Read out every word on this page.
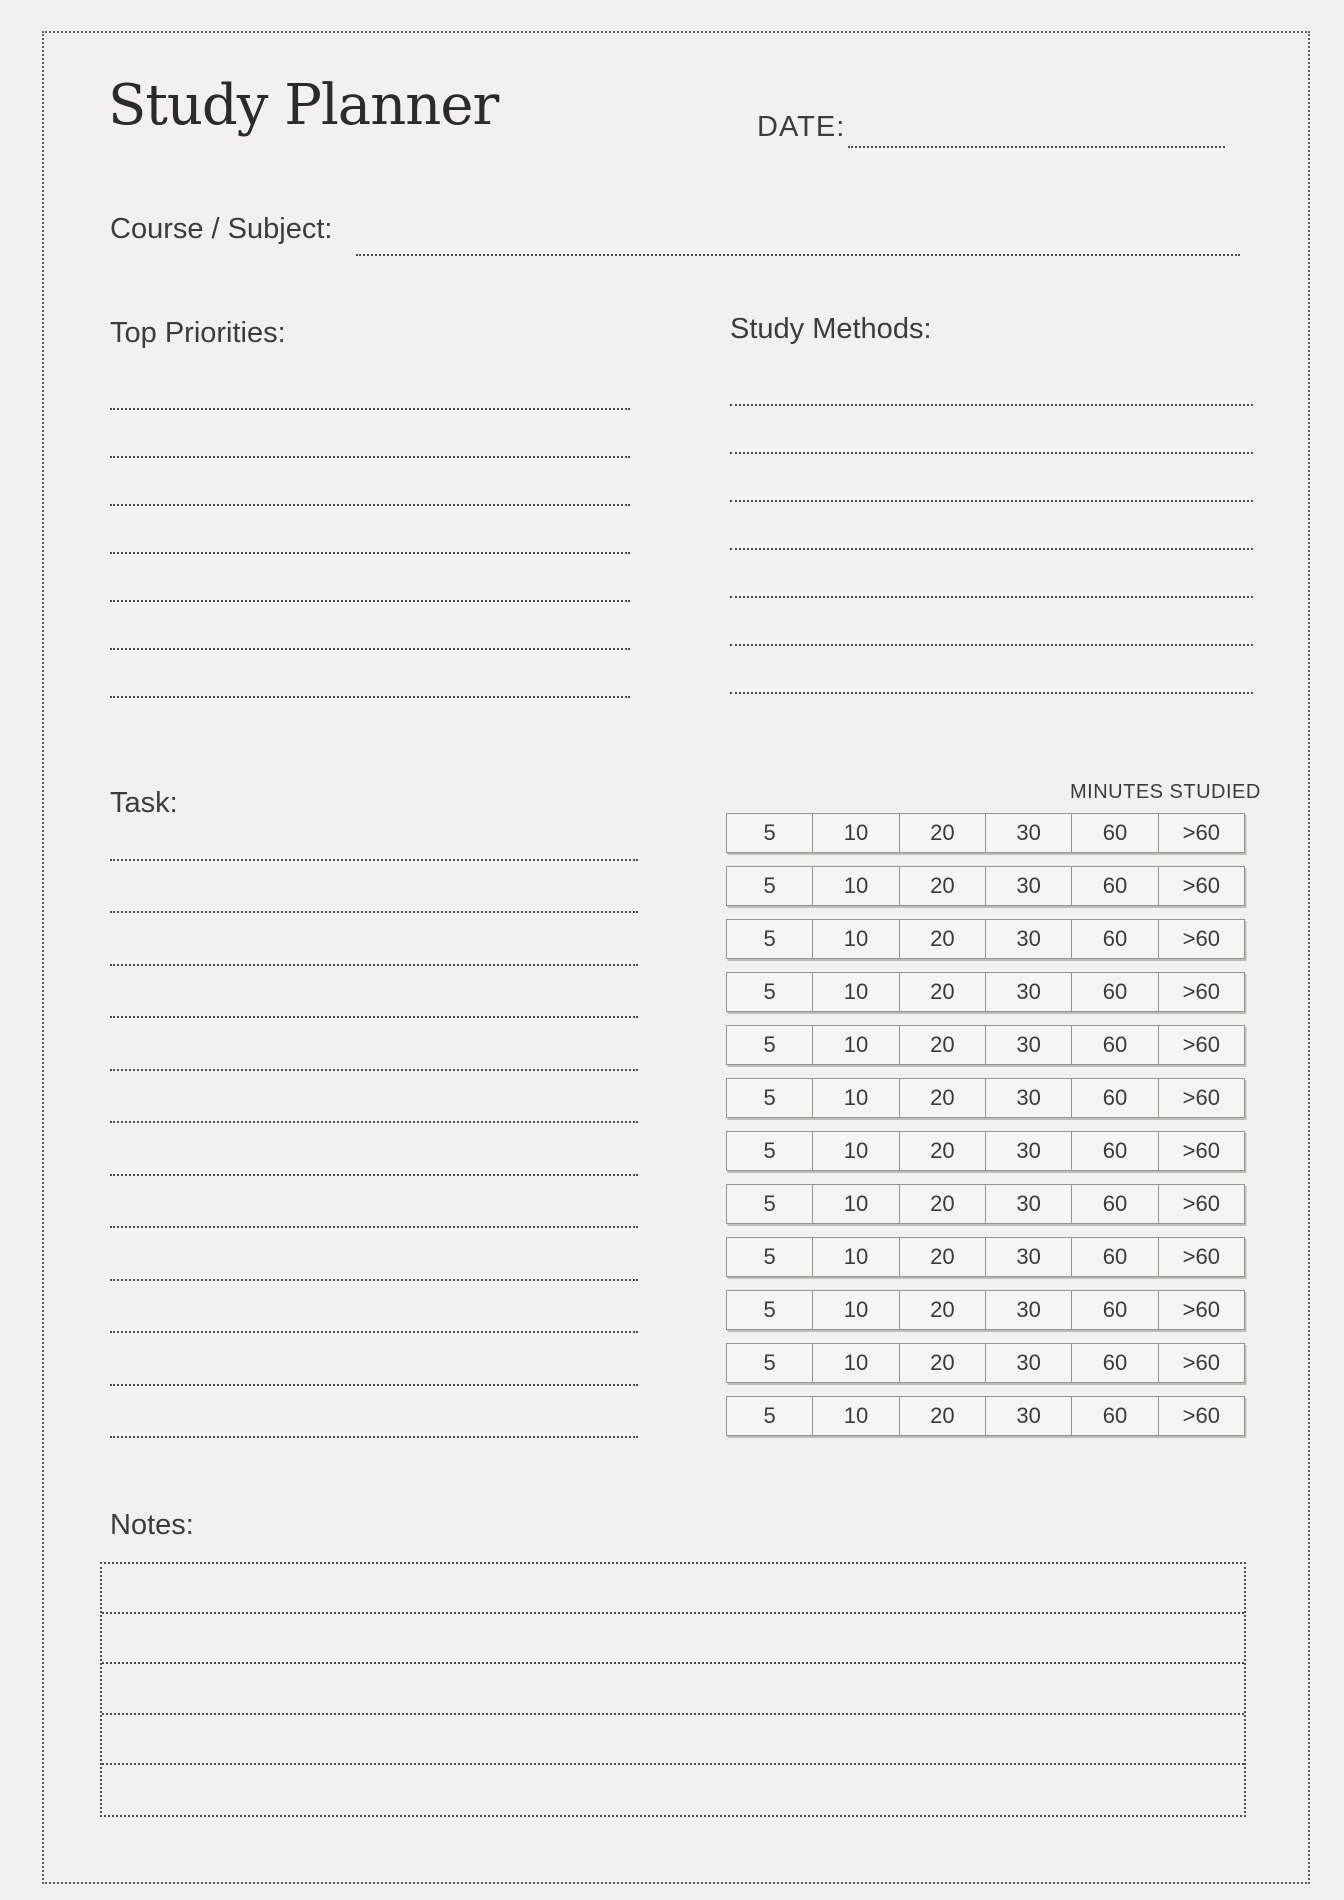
Study Planner	DATE:
Course / Subject:
Top Priorities:	Study Methods:
Task:	MINUTES STUDIED
5	10	20	30	60	>60
5	10	20	30	60	>60
5	10	20	30	60	>60
5	10	20	30	60	>60
5	10	20	30	60	>60
5	10	20	30	60	>60
5	10	20	30	60	>60
5	10	20	30	60	>60
5	10	20	30	60	>60
5	10	20	30	60	>60
5	10	20	30	60	>60
5	10	20	30	60	>60
Notes:
